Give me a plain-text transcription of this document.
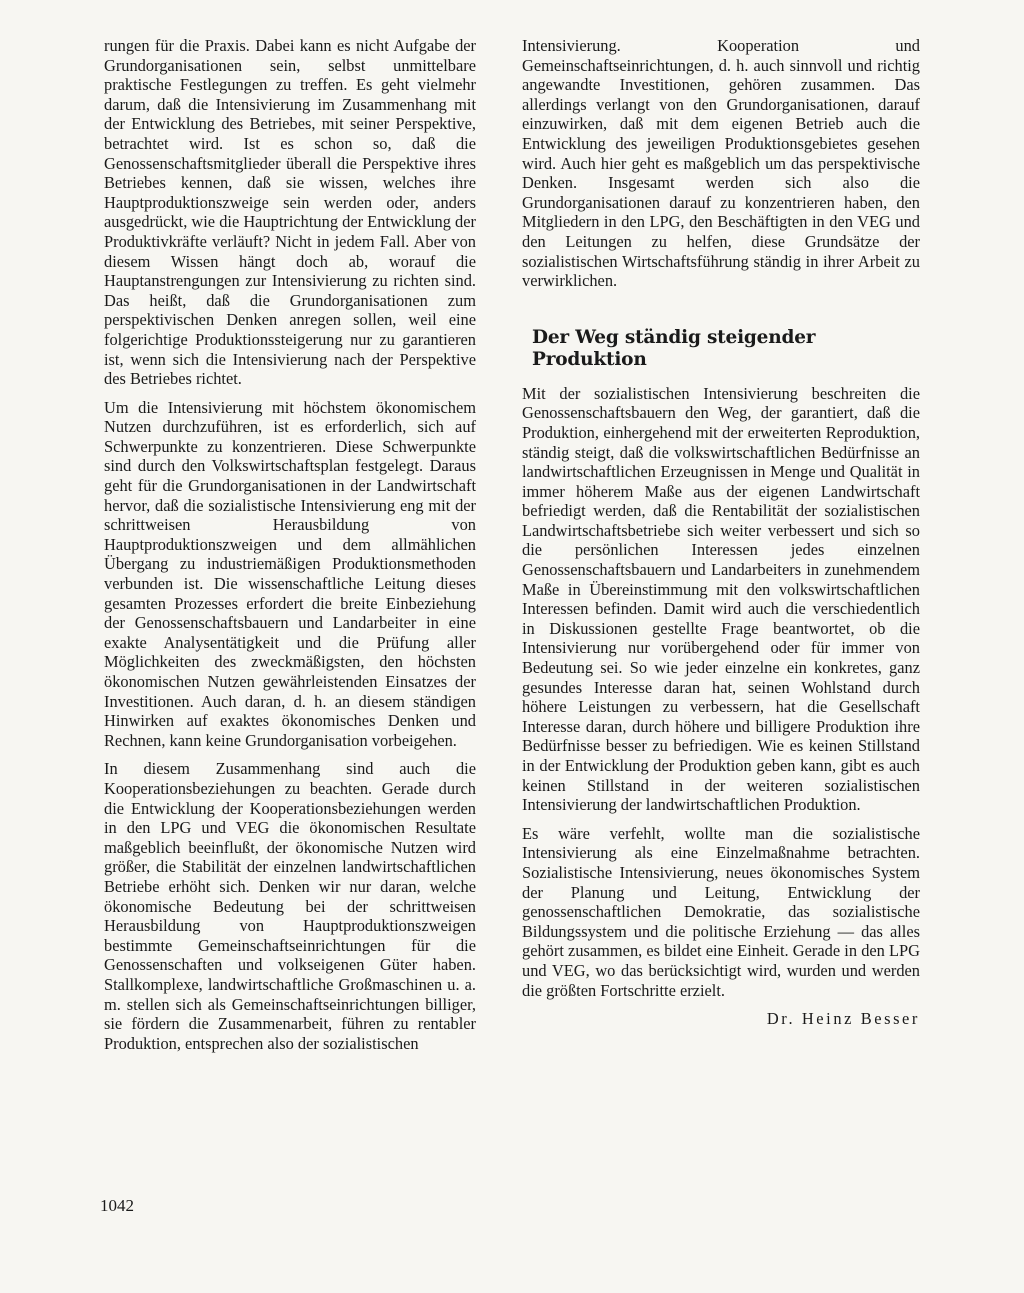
rungen für die Praxis. Dabei kann es nicht Aufgabe der Grundorganisationen sein, selbst unmittelbare praktische Festlegungen zu treffen. Es geht vielmehr darum, daß die Intensivierung im Zusammenhang mit der Entwicklung des Betriebes, mit seiner Perspektive, betrachtet wird. Ist es schon so, daß die Genossenschaftsmitglieder überall die Perspektive ihres Betriebes kennen, daß sie wissen, welches ihre Hauptproduktionszweige sein werden oder, anders ausgedrückt, wie die Hauptrichtung der Entwicklung der Produktivkräfte verläuft? Nicht in jedem Fall. Aber von diesem Wissen hängt doch ab, worauf die Hauptanstrengungen zur Intensivierung zu richten sind. Das heißt, daß die Grundorganisationen zum perspektivischen Denken anregen sollen, weil eine folgerichtige Produktionssteigerung nur zu garantieren ist, wenn sich die Intensivierung nach der Perspektive des Betriebes richtet.

Um die Intensivierung mit höchstem ökonomischem Nutzen durchzuführen, ist es erforderlich, sich auf Schwerpunkte zu konzentrieren. Diese Schwerpunkte sind durch den Volkswirtschaftsplan festgelegt. Daraus geht für die Grundorganisationen in der Landwirtschaft hervor, daß die sozialistische Intensivierung eng mit der schrittweisen Herausbildung von Hauptproduktionszweigen und dem allmählichen Übergang zu industriemäßigen Produktionsmethoden verbunden ist. Die wissenschaftliche Leitung dieses gesamten Prozesses erfordert die breite Einbeziehung der Genossenschaftsbauern und Landarbeiter in eine exakte Analysentätigkeit und die Prüfung aller Möglichkeiten des zweckmäßigsten, den höchsten ökonomischen Nutzen gewährleistenden Einsatzes der Investitionen. Auch daran, d. h. an diesem ständigen Hinwirken auf exaktes ökonomisches Denken und Rechnen, kann keine Grundorganisation vorbeigehen.

In diesem Zusammenhang sind auch die Kooperationsbeziehungen zu beachten. Gerade durch die Entwicklung der Kooperationsbeziehungen werden in den LPG und VEG die ökonomischen Resultate maßgeblich beeinflußt, der ökonomische Nutzen wird größer, die Stabilität der einzelnen landwirtschaftlichen Betriebe erhöht sich. Denken wir nur daran, welche ökonomische Bedeutung bei der schrittweisen Herausbildung von Hauptproduktionszweigen bestimmte Gemeinschaftseinrichtungen für die Genossenschaften und volkseigenen Güter haben. Stallkomplexe, landwirtschaftliche Großmaschinen u. a. m. stellen sich als Gemeinschaftseinrichtungen billiger, sie fördern die Zusammenarbeit, führen zu rentabler Produktion, entsprechen also der sozialistischen

Intensivierung. Kooperation und Gemeinschaftseinrichtungen, d. h. auch sinnvoll und richtig angewandte Investitionen, gehören zusammen. Das allerdings verlangt von den Grundorganisationen, darauf einzuwirken, daß mit dem eigenen Betrieb auch die Entwicklung des jeweiligen Produktionsgebietes gesehen wird. Auch hier geht es maßgeblich um das perspektivische Denken. Insgesamt werden sich also die Grundorganisationen darauf zu konzentrieren haben, den Mitgliedern in den LPG, den Beschäftigten in den VEG und den Leitungen zu helfen, diese Grundsätze der sozialistischen Wirtschaftsführung ständig in ihrer Arbeit zu verwirklichen.

Der Weg ständig steigender Produktion

Mit der sozialistischen Intensivierung beschreiten die Genossenschaftsbauern den Weg, der garantiert, daß die Produktion, einhergehend mit der erweiterten Reproduktion, ständig steigt, daß die volkswirtschaftlichen Bedürfnisse an landwirtschaftlichen Erzeugnissen in Menge und Qualität in immer höherem Maße aus der eigenen Landwirtschaft befriedigt werden, daß die Rentabilität der sozialistischen Landwirtschaftsbetriebe sich weiter verbessert und sich so die persönlichen Interessen jedes einzelnen Genossenschaftsbauern und Landarbeiters in zunehmendem Maße in Übereinstimmung mit den volkswirtschaftlichen Interessen befinden. Damit wird auch die verschiedentlich in Diskussionen gestellte Frage beantwortet, ob die Intensivierung nur vorübergehend oder für immer von Bedeutung sei. So wie jeder einzelne ein konkretes, ganz gesundes Interesse daran hat, seinen Wohlstand durch höhere Leistungen zu verbessern, hat die Gesellschaft Interesse daran, durch höhere und billigere Produktion ihre Bedürfnisse besser zu befriedigen. Wie es keinen Stillstand in der Entwicklung der Produktion geben kann, gibt es auch keinen Stillstand in der weiteren sozialistischen Intensivierung der landwirtschaftlichen Produktion.

Es wäre verfehlt, wollte man die sozialistische Intensivierung als eine Einzelmaßnahme betrachten. Sozialistische Intensivierung, neues ökonomisches System der Planung und Leitung, Entwicklung der genossenschaftlichen Demokratie, das sozialistische Bildungssystem und die politische Erziehung — das alles gehört zusammen, es bildet eine Einheit. Gerade in den LPG und VEG, wo das berücksichtigt wird, wurden und werden die größten Fortschritte erzielt.

Dr. Heinz Besser
1042
